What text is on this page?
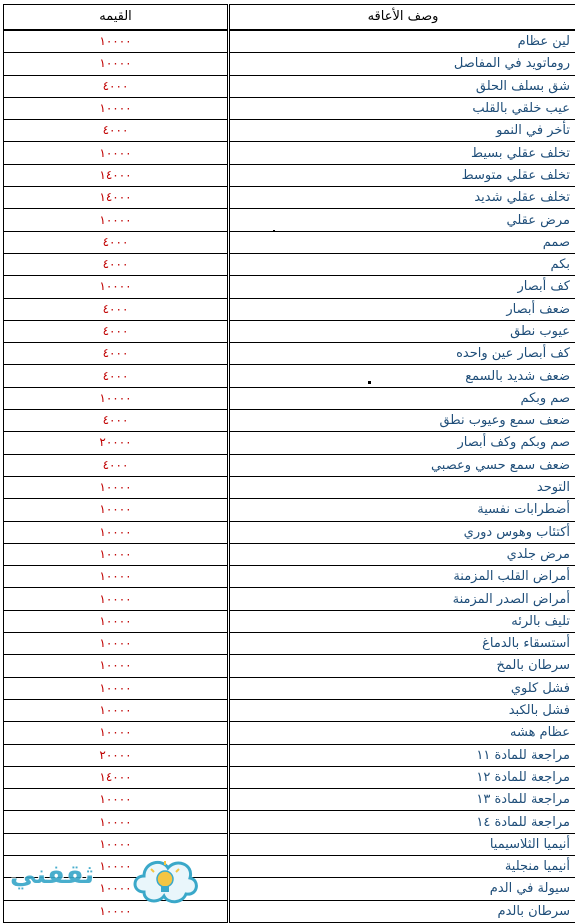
القيمه	وصف الأعاقه
١٠٠٠٠	لين عظام
١٠٠٠٠	روماتويد في المفاصل
٤٠٠٠	شق بسلف الحلق
١٠٠٠٠	عيب خلقي بالقلب
٤٠٠٠	تأخر في النمو
١٠٠٠٠	تخلف عقلي بسيط
١٤٠٠٠	تخلف عقلي متوسط
١٤٠٠٠	تخلف عقلي شديد
١٠٠٠٠	مرض عقلي
٤٠٠٠	صمم
٤٠٠٠	بكم
١٠٠٠٠	كف أبصار
٤٠٠٠	ضعف أبصار
٤٠٠٠	عيوب نطق
٤٠٠٠	كف أبصار عين واحده
٤٠٠٠	ضعف شديد بالسمع
١٠٠٠٠	صم وبكم
٤٠٠٠	ضعف سمع وعيوب نطق
٢٠٠٠٠	صم وبكم وكف أبصار
٤٠٠٠	ضعف سمع حسي وعصبي
١٠٠٠٠	التوحد
١٠٠٠٠	أضطرابات نفسية
١٠٠٠٠	أكتئاب وهوس دوري
١٠٠٠٠	مرض جلدي
١٠٠٠٠	أمراض القلب المزمنة
١٠٠٠٠	أمراض الصدر المزمنة
١٠٠٠٠	تليف بالرئه
١٠٠٠٠	أستسقاء بالدماغ
١٠٠٠٠	سرطان بالمخ
١٠٠٠٠	فشل كلوي
١٠٠٠٠	فشل بالكبد
١٠٠٠٠	عظام هشه
٢٠٠٠٠	مراجعة للمادة ١١
١٤٠٠٠	مراجعة للمادة ١٢
١٠٠٠٠	مراجعة للمادة ١٣
١٠٠٠٠	مراجعة للمادة ١٤
١٠٠٠٠	أنيميا الثلاسيميا
١٠٠٠٠	أنيميا منجلية
١٠٠٠٠	سيولة في الدم
١٠٠٠٠	سرطان بالدم
ثقفني
